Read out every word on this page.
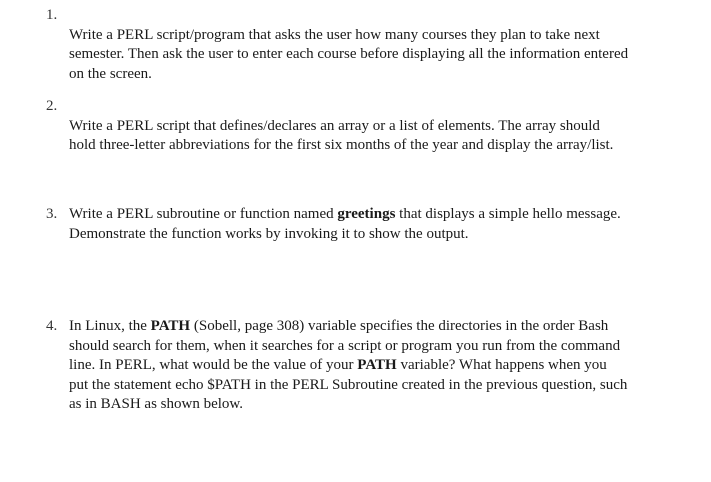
1.

Write a PERL script/program that asks the user how many courses they plan to take next
semester. Then ask the user to enter each course before displaying all the information entered
on the screen.

2.

Write a PERL script that defines/declares an array or a list of elements. The array should
hold three-letter abbreviations for the first six months of the year and display the array/list.

3. Write a PERL subroutine or function named greetings that displays a simple hello message.
Demonstrate the function works by invoking it to show the output.
4. In Linux, the PATH (Sobell, page 308) variable specifies the directories in the order Bash
should search for them, when it searches for a script or program you run from the command
line. In PERL, what would be the value of your PATH variable? What happens when you
put the statement echo $PATH in the PERL Subroutine created in the previous question, such
as in BASH as shown below.
